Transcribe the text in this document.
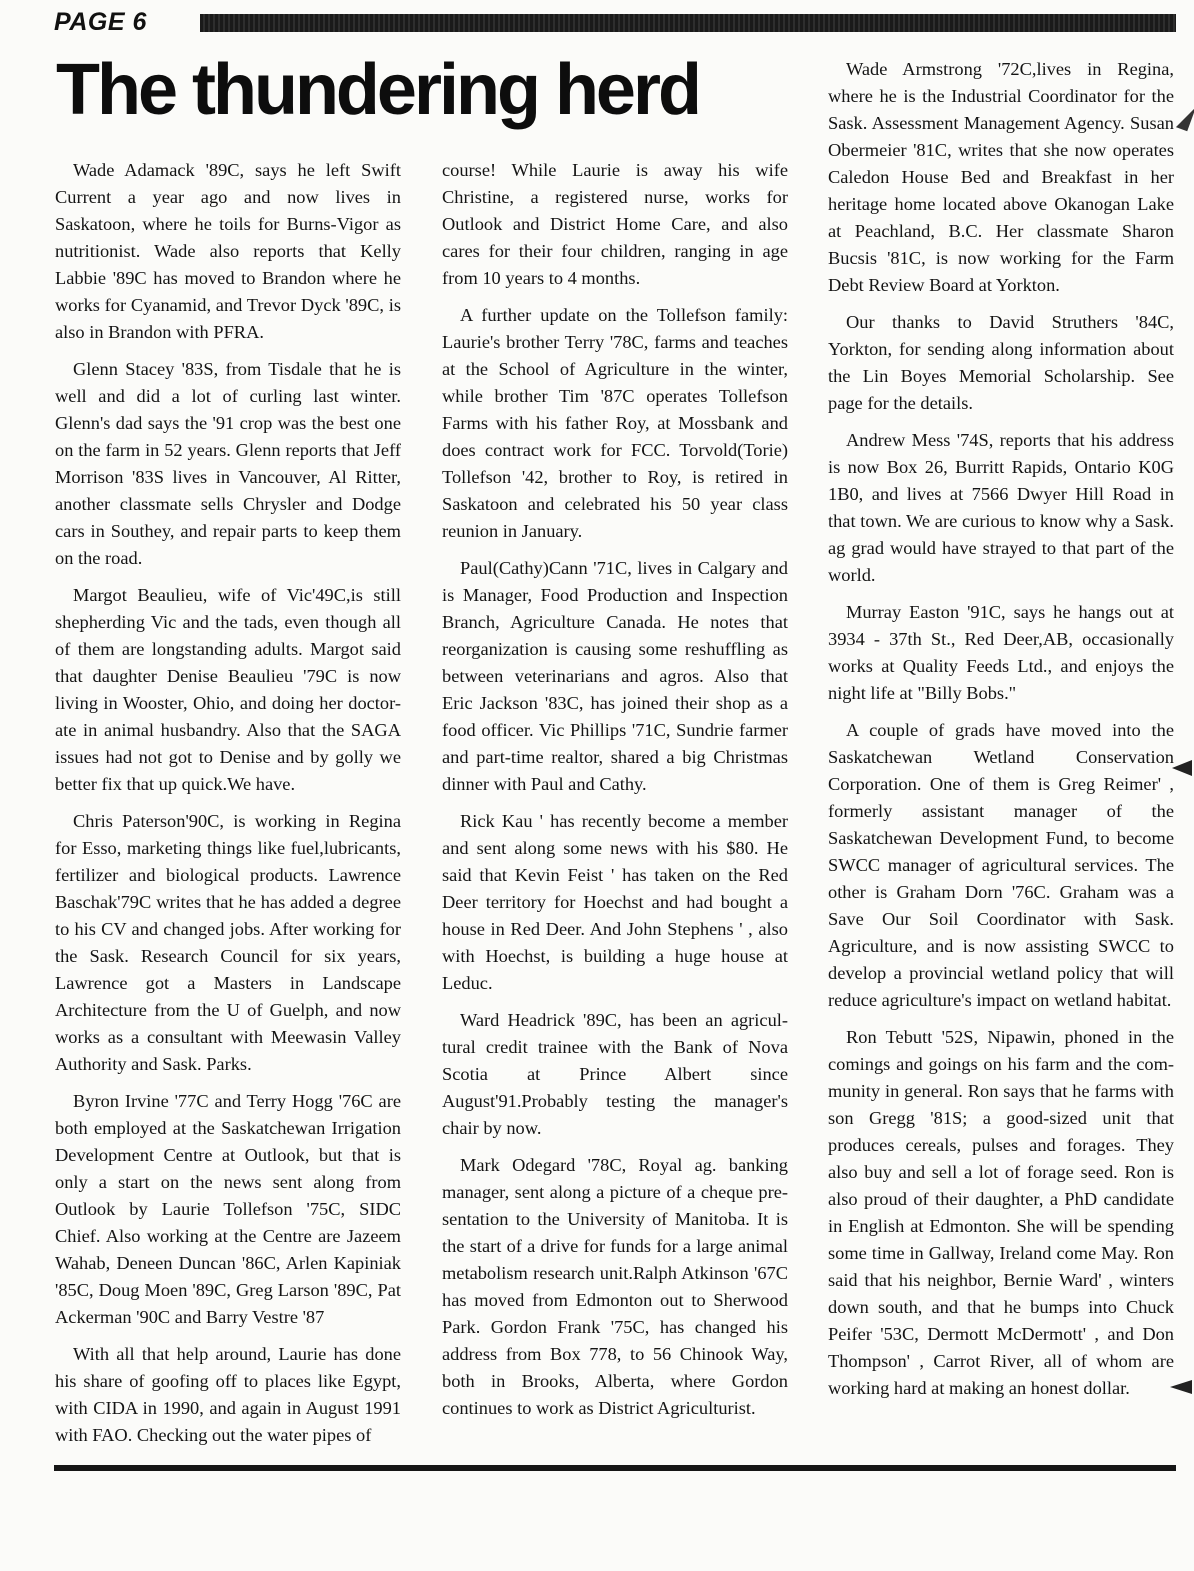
PAGE 6
The thundering herd

Wade Adamack '89C, says he left Swift Current a year ago and now lives in Saskatoon, where he toils for Burns-Vigor as nutritionist. Wade also reports that Kelly Labbie '89C has moved to Brandon where he works for Cyanamid, and Trevor Dyck '89C, is also in Brandon with PFRA.

Glenn Stacey '83S, from Tisdale that he is well and did a lot of curling last winter. Glenn's dad says the '91 crop was the best one on the farm in 52 years. Glenn reports that Jeff Morrison '83S lives in Vancouver, Al Ritter, another classmate sells Chrysler and Dodge cars in Southey, and repair parts to keep them on the road.

Margot Beaulieu, wife of Vic'49C,is still shepherding Vic and the tads, even though all of them are longstanding adults. Margot said that daughter Denise Beaulieu '79C is now living in Wooster, Ohio, and doing her doctor-ate in animal husbandry. Also that the SAGA issues had not got to Denise and by golly we better fix that up quick.We have.

Chris Paterson'90C, is working in Regina for Esso, marketing things like fuel,lubricants, fertilizer and biological products. Lawrence Baschak'79C writes that he has added a degree to his CV and changed jobs. After working for the Sask. Research Council for six years, Lawrence got a Masters in Landscape Architecture from the U of Guelph, and now works as a consultant with Meewasin Valley Authority and Sask. Parks.

Byron Irvine '77C and Terry Hogg '76C are both employed at the Saskatchewan Irrigation Development Centre at Outlook, but that is only a start on the news sent along from Outlook by Laurie Tollefson '75C, SIDC Chief. Also working at the Centre are Jazeem Wahab, Deneen Duncan '86C, Arlen Kapiniak '85C, Doug Moen '89C, Greg Larson '89C, Pat Ackerman '90C and Barry Vestre '87

With all that help around, Laurie has done his share of goofing off to places like Egypt, with CIDA in 1990, and again in August 1991 with FAO. Checking out the water pipes of

course! While Laurie is away his wife Christine, a registered nurse, works for Outlook and District Home Care, and also cares for their four children, ranging in age from 10 years to 4 months.

A further update on the Tollefson family: Laurie's brother Terry '78C, farms and teaches at the School of Agriculture in the winter, while brother Tim '87C operates Tollefson Farms with his father Roy, at Mossbank and does contract work for FCC. Torvold(Torie) Tollefson '42, brother to Roy, is retired in Saskatoon and celebrated his 50 year class reunion in January.

Paul(Cathy)Cann '71C, lives in Calgary and is Manager, Food Production and Inspection Branch, Agriculture Canada. He notes that reorganization is causing some reshuffling as between veterinarians and agros. Also that Eric Jackson '83C, has joined their shop as a food officer. Vic Phillips '71C, Sundrie farmer and part-time realtor, shared a big Christmas dinner with Paul and Cathy.

Rick Kau ' has recently become a member and sent along some news with his $80. He said that Kevin Feist ' has taken on the Red Deer territory for Hoechst and had bought a house in Red Deer. And John Stephens ' , also with Hoechst, is building a huge house at Leduc.

Ward Headrick '89C, has been an agricul-tural credit trainee with the Bank of Nova Scotia at Prince Albert since August'91.Probably testing the manager's chair by now.

Mark Odegard '78C, Royal ag. banking manager, sent along a picture of a cheque pre-sentation to the University of Manitoba. It is the start of a drive for funds for a large animal metabolism research unit.Ralph Atkinson '67C has moved from Edmonton out to Sherwood Park. Gordon Frank '75C, has changed his address from Box 778, to 56 Chinook Way, both in Brooks, Alberta, where Gordon continues to work as District Agriculturist.

Wade Armstrong '72C,lives in Regina, where he is the Industrial Coordinator for the Sask. Assessment Management Agency. Susan Obermeier '81C, writes that she now operates Caledon House Bed and Breakfast in her heritage home located above Okanogan Lake at Peachland, B.C. Her classmate Sharon Bucsis '81C, is now working for the Farm Debt Review Board at Yorkton.

Our thanks to David Struthers '84C, Yorkton, for sending along information about the Lin Boyes Memorial Scholarship. See page for the details.

Andrew Mess '74S, reports that his address is now Box 26, Burritt Rapids, Ontario K0G 1B0, and lives at 7566 Dwyer Hill Road in that town. We are curious to know why a Sask. ag grad would have strayed to that part of the world.

Murray Easton '91C, says he hangs out at 3934 - 37th St., Red Deer,AB, occasionally works at Quality Feeds Ltd., and enjoys the night life at "Billy Bobs."

A couple of grads have moved into the Saskatchewan Wetland Conservation Corporation. One of them is Greg Reimer' , formerly assistant manager of the Saskatchewan Development Fund, to become SWCC manager of agricultural services. The other is Graham Dorn '76C. Graham was a Save Our Soil Coordinator with Sask. Agriculture, and is now assisting SWCC to develop a provincial wetland policy that will reduce agriculture's impact on wetland habitat.

Ron Tebutt '52S, Nipawin, phoned in the comings and goings on his farm and the com-munity in general. Ron says that he farms with son Gregg '81S; a good-sized unit that produces cereals, pulses and forages. They also buy and sell a lot of forage seed. Ron is also proud of their daughter, a PhD candidate in English at Edmonton. She will be spending some time in Gallway, Ireland come May. Ron said that his neighbor, Bernie Ward' , winters down south, and that he bumps into Chuck Peifer '53C, Dermott McDermott' , and Don Thompson' , Carrot River, all of whom are working hard at making an honest dollar.
